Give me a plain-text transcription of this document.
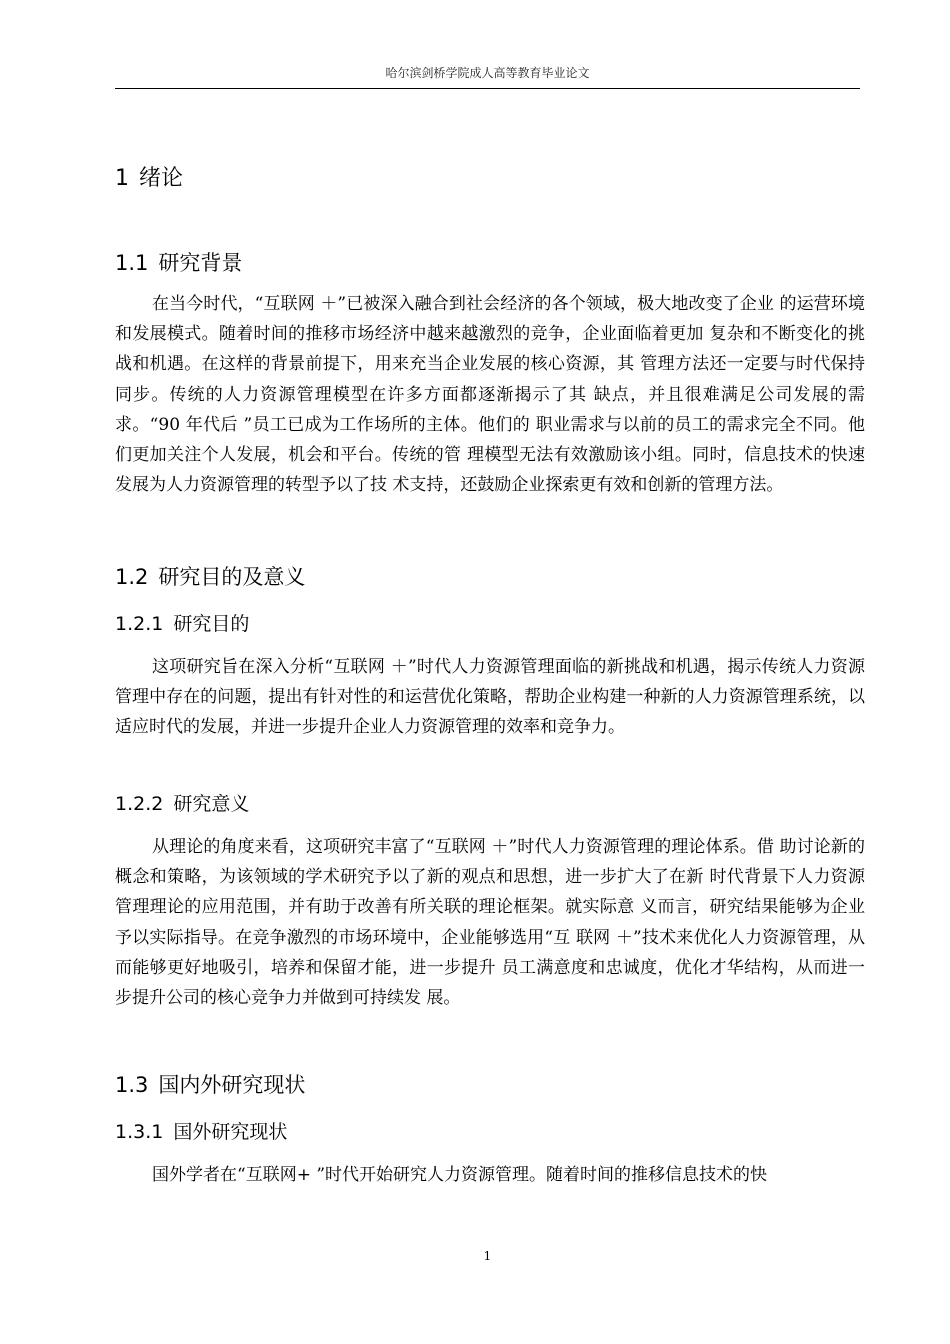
哈尔滨剑桥学院成人高等教育毕业论文
1 绪论
1.1 研究背景

在当今时代，“互联网 ＋”已被深入融合到社会经济的各个领域，极大地改变了企业 的运营环境和发展模式。随着时间的推移市场经济中越来越激烈的竞争，企业面临着更加 复杂和不断变化的挑战和机遇。在这样的背景前提下，用来充当企业发展的核心资源，其 管理方法还一定要与时代保持同步。传统的人力资源管理模型在许多方面都逐渐揭示了其 缺点，并且很难满足公司发展的需求。“90 年代后 ”员工已成为工作场所的主体。他们的 职业需求与以前的员工的需求完全不同。他们更加关注个人发展，机会和平台。传统的管 理模型无法有效激励该小组。同时，信息技术的快速发展为人力资源管理的转型予以了技 术支持，还鼓励企业探索更有效和创新的管理方法。

1.2 研究目的及意义
1.2.1 研究目的

这项研究旨在深入分析“互联网 ＋”时代人力资源管理面临的新挑战和机遇，揭示传统人力资源管理中存在的问题，提出有针对性的和运营优化策略，帮助企业构建一种新的人力资源管理系统，以适应时代的发展，并进一步提升企业人力资源管理的效率和竞争力。

1.2.2 研究意义

从理论的角度来看，这项研究丰富了“互联网 ＋”时代人力资源管理的理论体系。借 助讨论新的概念和策略，为该领域的学术研究予以了新的观点和思想，进一步扩大了在新 时代背景下人力资源管理理论的应用范围，并有助于改善有所关联的理论框架。就实际意 义而言，研究结果能够为企业予以实际指导。在竞争激烈的市场环境中，企业能够选用“互 联网 ＋”技术来优化人力资源管理，从而能够更好地吸引，培养和保留才能，进一步提升 员工满意度和忠诚度，优化才华结构，从而进一步提升公司的核心竞争力并做到可持续发 展。

1.3 国内外研究现状
1.3.1 国外研究现状

国外学者在“互联网+ ”时代开始研究人力资源管理。随着时间的推移信息技术的快

1
